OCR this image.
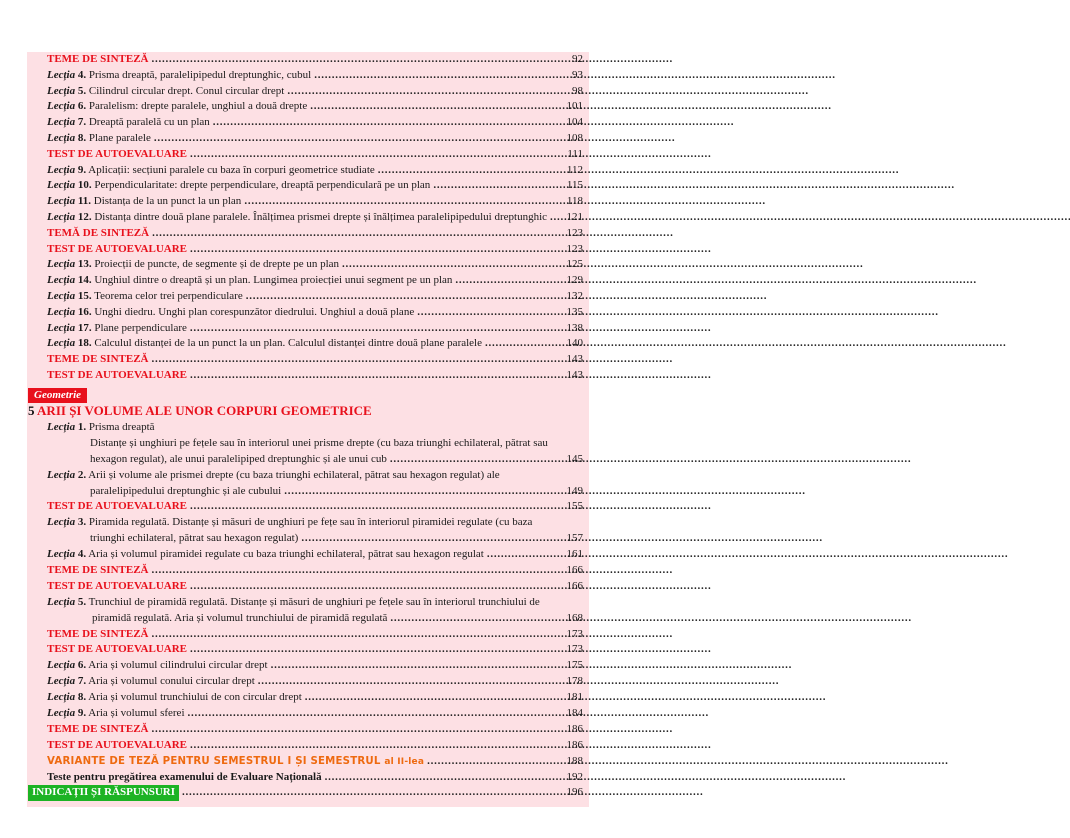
TEME DE SINTEZĂ . . .	92
Lecția 4. Prisma dreaptă, paralelipipedul dreptunghic, cubul . . .	93
Lecția 5. Cilindrul circular drept. Conul circular drept . . .	98
Lecția 6. Paralelism: drepte paralele, unghiul a două drepte . . .	101
Lecția 7. Dreaptă paralelă cu un plan . . .	104
Lecția 8. Plane paralele . . .	108
TEST DE AUTOEVALUARE . . .	111
Lecția 9. Aplicații: secțiuni paralele cu baza în corpuri geometrice studiate . . .	112
Lecția 10. Perpendicularitate: drepte perpendiculare, dreaptă perpendiculară pe un plan . . .	115
Lecția 11. Distanța de la un punct la un plan . . .	118
Lecția 12. Distanța dintre două plane paralele. Înălțimea prismei drepte și înălțimea paralelipipedului dreptunghic . . .	121
TEMĂ DE SINTEZĂ . . .	123
TEST DE AUTOEVALUARE . . .	123
Lecția 13. Proiecții de puncte, de segmente și de drepte pe un plan . . .	125
Lecția 14. Unghiul dintre o dreaptă și un plan. Lungimea proiecției unui segment pe un plan . . .	129
Lecția 15. Teorema celor trei perpendiculare . . .	132
Lecția 16. Unghi diedru. Unghi plan corespunzător diedrului. Unghiul a două plane . . .	135
Lecția 17. Plane perpendiculare . . .	138
Lecția 18. Calculul distanței de la un punct la un plan. Calculul distanței dintre două plane paralele . . .	140
TEME DE SINTEZĂ . . .	143
TEST DE AUTOEVALUARE . . .	143
Geometrie
5 ARII ȘI VOLUME ALE UNOR CORPURI GEOMETRICE
Lecția 1. Prisma dreaptă
Distanțe și unghiuri pe fețele sau în interiorul unei prisme drepte (cu baza triunghi echilateral, pătrat sau
hexagon regulat), ale unui paralelipiped dreptunghic și ale unui cub . . .	145
Lecția 2. Arii și volume ale prismei drepte (cu baza triunghi echilateral, pătrat sau hexagon regulat) ale
paralelipipedului dreptunghic și ale cubului . . .	149
TEST DE AUTOEVALUARE . . .	155
Lecția 3. Piramida regulată. Distanțe și măsuri de unghiuri pe fețe sau în interiorul piramidei regulate (cu baza
triunghi echilateral, pătrat sau hexagon regulat) . . .	157
Lecția 4. Aria și volumul piramidei regulate cu baza triunghi echilateral, pătrat sau hexagon regulat . . .	161
TEME DE SINTEZĂ . . .	166
TEST DE AUTOEVALUARE . . .	166
Lecția 5. Trunchiul de piramidă regulată. Distanțe și măsuri de unghiuri pe fețele sau în interiorul trunchiului de
piramidă regulată. Aria și volumul trunchiului de piramidă regulată . . .	168
TEME DE SINTEZĂ . . .	173
TEST DE AUTOEVALUARE . . .	173
Lecția 6. Aria și volumul cilindrului circular drept . . .	175
Lecția 7. Aria și volumul conului circular drept . . .	178
Lecția 8. Aria și volumul trunchiului de con circular drept . . .	181
Lecția 9. Aria și volumul sferei . . .	184
TEME DE SINTEZĂ . . .	186
TEST DE AUTOEVALUARE . . .	186
VARIANTE DE TEZĂ PENTRU SEMESTRUL I ȘI SEMESTRUL al II-lea . . .	188
Teste pentru pregătirea examenului de Evaluare Națională . . .	192
INDICAȚII ȘI RĂSPUNSURI . . .	196
